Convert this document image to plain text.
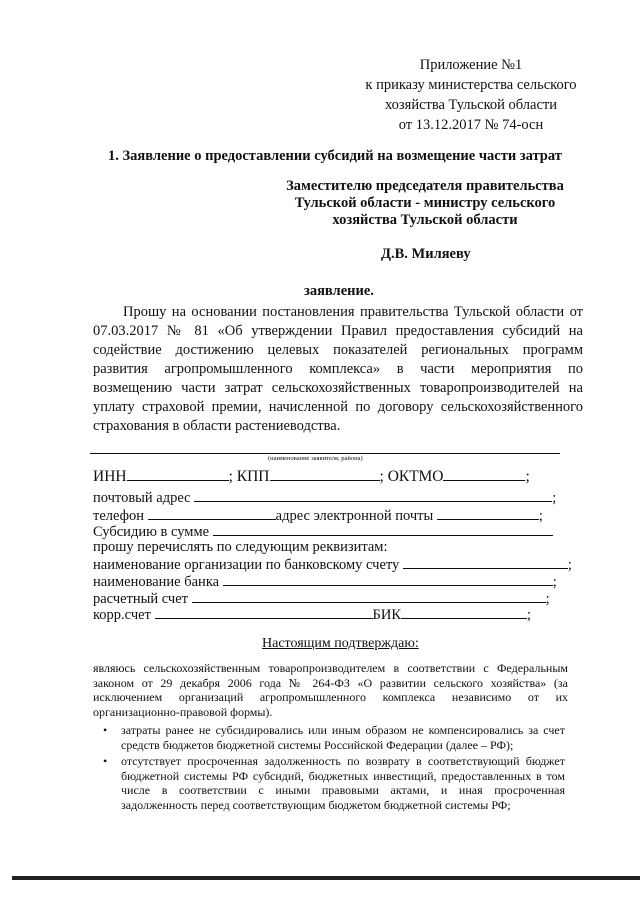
Приложение №1
к приказу министерства сельского
хозяйства Тульской области
от 13.12.2017 № 74-осн
1. Заявление о предоставлении субсидий на возмещение части затрат
Заместителю председателя правительства
Тульской области - министру сельского
хозяйства Тульской области
Д.В. Миляеву
заявление.
Прошу на основании постановления правительства Тульской области от 07.03.2017 № 81 «Об утверждении Правил предоставления субсидий на содействие достижению целевых показателей региональных программ развития агропромышленного комплекса» в части мероприятия по возмещению части затрат сельскохозяйственных товаропроизводителей на уплату страховой премии, начисленной по договору сельскохозяйственного страхования в области растениеводства.
(наименование заявителя, района)
ИНН	; КПП	; ОКТМО	;
почтовый адрес	;
телефон	адрес электронной почты	;
Субсидию в сумме
прошу перечислять по следующим реквизитам:
наименование организации по банковскому счету	;
наименование банка	;
расчетный счет	;
корр.счет	БИК	;
Настоящим подтверждаю:
являюсь сельскохозяйственным товаропроизводителем в соответствии с Федеральным законом от 29 декабря 2006 года № 264-ФЗ «О развитии сельского хозяйства» (за исключением организаций агропромышленного комплекса независимо от их организационно-правовой формы).
• затраты ранее не субсидировались или иным образом не компенсировались за счет средств бюджетов бюджетной системы Российской Федерации (далее – РФ);
• отсутствует просроченная задолженность по возврату в соответствующий бюджет бюджетной системы РФ субсидий, бюджетных инвестиций, предоставленных в том числе в соответствии с иными правовыми актами, и иная просроченная задолженность перед соответствующим бюджетом бюджетной системы РФ;
